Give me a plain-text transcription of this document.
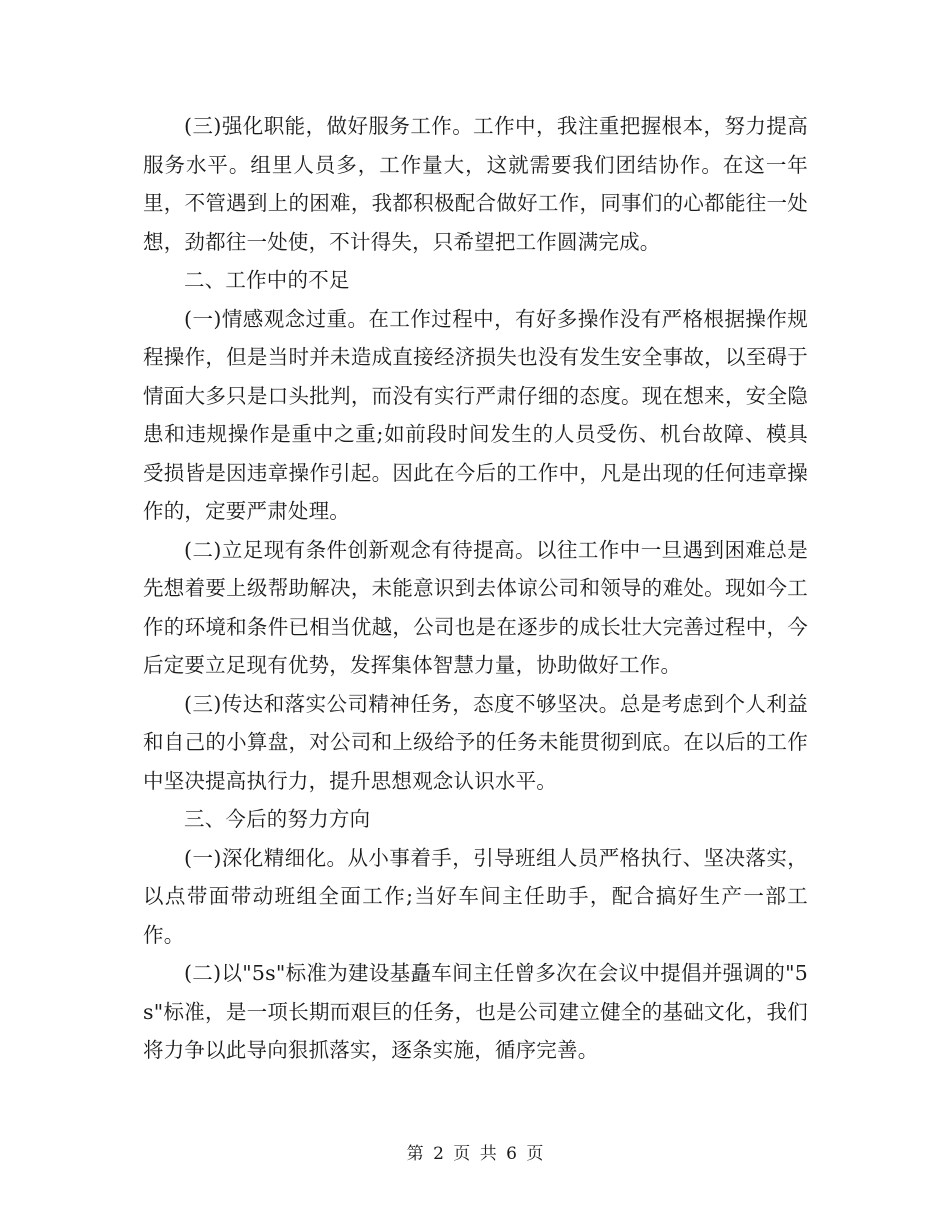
(三)强化职能，做好服务工作。工作中，我注重把握根本，努力提高服务水平。组里人员多，工作量大，这就需要我们团结协作。在这一年里，不管遇到上的困难，我都积极配合做好工作，同事们的心都能往一处想，劲都往一处使，不计得失，只希望把工作圆满完成。

二、工作中的不足

(一)情感观念过重。在工作过程中，有好多操作没有严格根据操作规程操作，但是当时并未造成直接经济损失也没有发生安全事故，以至碍于情面大多只是口头批判，而没有实行严肃仔细的态度。现在想来，安全隐患和违规操作是重中之重;如前段时间发生的人员受伤、机台故障、模具受损皆是因违章操作引起。因此在今后的工作中，凡是出现的任何违章操作的，定要严肃处理。

(二)立足现有条件创新观念有待提高。以往工作中一旦遇到困难总是先想着要上级帮助解决，未能意识到去体谅公司和领导的难处。现如今工作的环境和条件已相当优越，公司也是在逐步的成长壮大完善过程中，今后定要立足现有优势，发挥集体智慧力量，协助做好工作。

(三)传达和落实公司精神任务，态度不够坚决。总是考虑到个人利益和自己的小算盘，对公司和上级给予的任务未能贯彻到底。在以后的工作中坚决提高执行力，提升思想观念认识水平。

三、今后的努力方向

(一)深化精细化。从小事着手，引导班组人员严格执行、坚决落实，以点带面带动班组全面工作;当好车间主任助手，配合搞好生产一部工作。

(二)以"5s"标准为建设基矗车间主任曾多次在会议中提倡并强调的"5s"标准，是一项长期而艰巨的任务，也是公司建立健全的基础文化，我们将力争以此导向狠抓落实，逐条实施，循序完善。

第 2 页 共 6 页
